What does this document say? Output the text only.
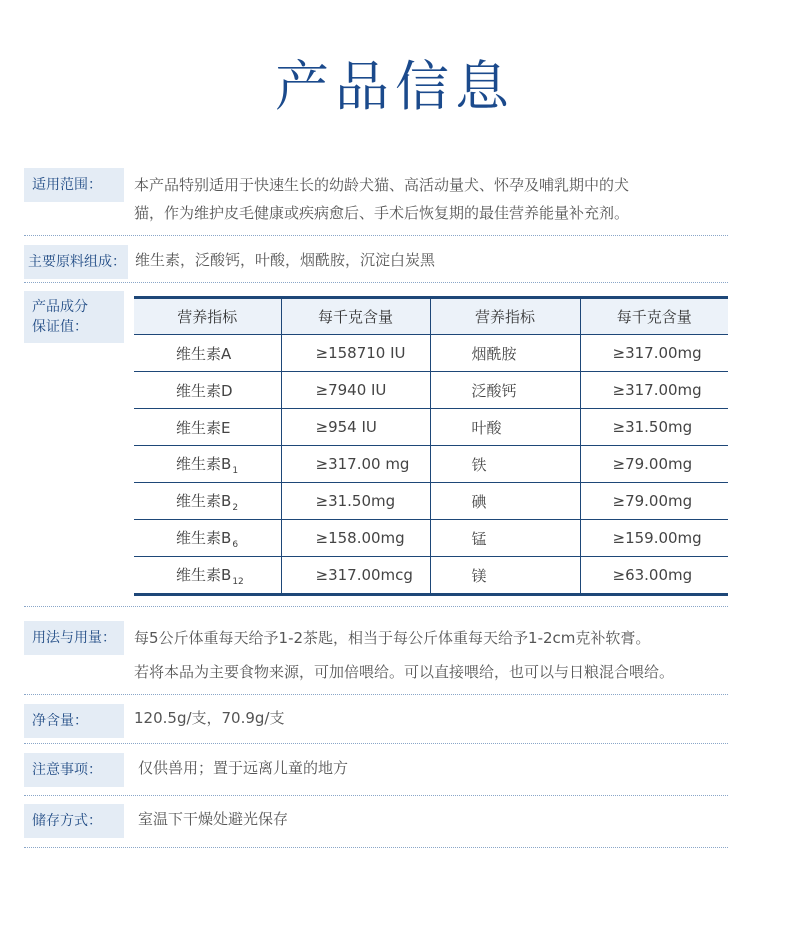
产品信息
适用范围：	本产品特别适用于快速生长的幼龄犬猫、高活动量犬、怀孕及哺乳期中的犬
猫，作为维护皮毛健康或疾病愈后、手术后恢复期的最佳营养能量补充剂。
主要原料组成： 维生素，泛酸钙，叶酸，烟酰胺，沉淀白炭黑
产品成分
保证值：
营养指标	每千克含量	营养指标	每千克含量
维生素A	≥158710 IU	烟酰胺	≥317.00mg
维生素D	≥7940 IU	泛酸钙	≥317.00mg
维生素E	≥954 IU	叶酸	≥31.50mg
维生素$B_1$	≥317.00 mg	铁	≥79.00mg
维生素$B_2$	≥31.50mg	碘	≥79.00mg
维生素$B_6$	≥158.00mg	锰	≥159.00mg
维生素$B_{12}$	≥317.00mcg	镁	≥63.00mg
用法与用量：	每5公斤体重每天给予1-2茶匙，相当于每公斤体重每天给予1-2cm克补软膏。
若将本品为主要食物来源，可加倍喂给。可以直接喂给，也可以与日粮混合喂给。
净含量：	120.5g/支，70.9g/支
注意事项：	仅供兽用；置于远离儿童的地方
储存方式：	室温下干燥处避光保存
